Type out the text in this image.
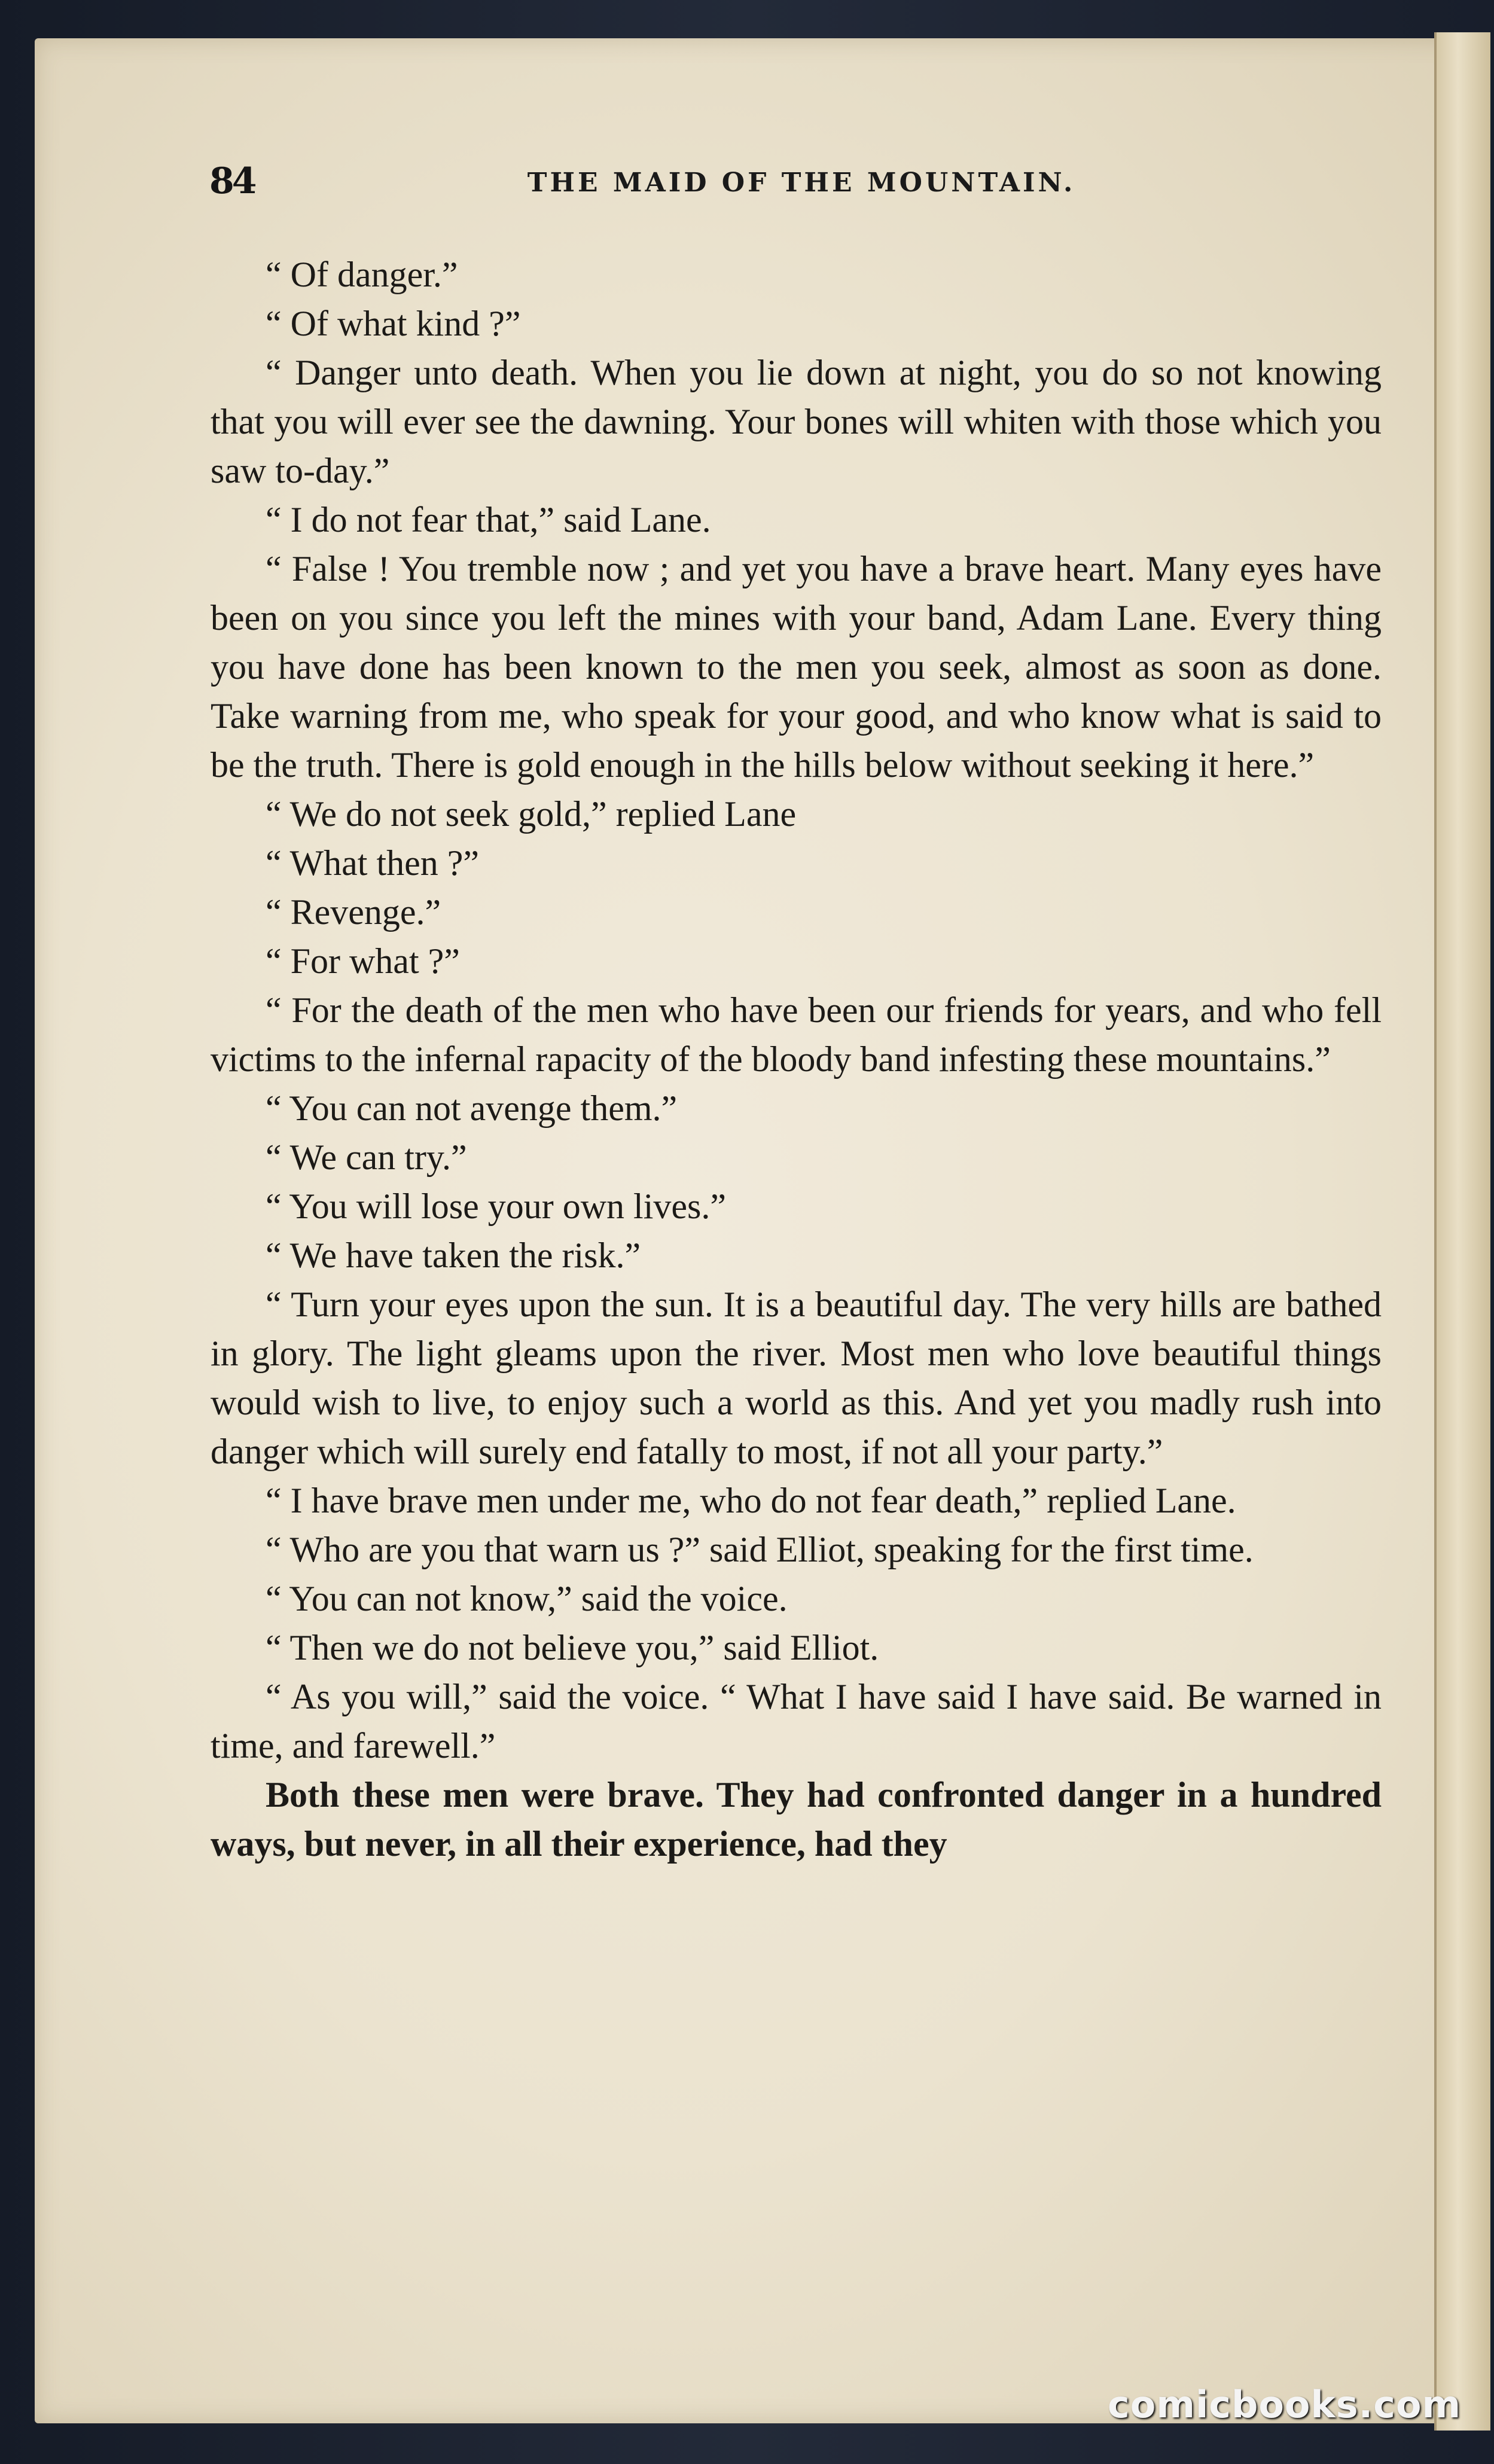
84	THE MAID OF THE MOUNTAIN.

“ Of danger.”

“ Of what kind ?”

“ Danger unto death. When you lie down at night, you do so not knowing that you will ever see the dawning. Your bones will whiten with those which you saw to-day.”

“ I do not fear that,” said Lane.

“ False ! You tremble now ; and yet you have a brave heart. Many eyes have been on you since you left the mines with your band, Adam Lane. Every thing you have done has been known to the men you seek, almost as soon as done. Take warning from me, who speak for your good, and who know what is said to be the truth. There is gold enough in the hills below without seeking it here.”

“ We do not seek gold,” replied Lane

“ What then ?”

“ Revenge.”

“ For what ?”

“ For the death of the men who have been our friends for years, and who fell victims to the infernal rapacity of the bloody band infesting these mountains.”

“ You can not avenge them.”

“ We can try.”

“ You will lose your own lives.”

“ We have taken the risk.”

“ Turn your eyes upon the sun. It is a beautiful day. The very hills are bathed in glory. The light gleams upon the river. Most men who love beautiful things would wish to live, to enjoy such a world as this. And yet you madly rush into danger which will surely end fatally to most, if not all your party.”

“ I have brave men under me, who do not fear death,” replied Lane.

“ Who are you that warn us ?” said Elliot, speaking for the first time.

“ You can not know,” said the voice.

“ Then we do not believe you,” said Elliot.

“ As you will,” said the voice. “ What I have said I have said. Be warned in time, and farewell.”

Both these men were brave. They had confronted danger in a hundred ways, but never, in all their experience, had they

comicbooks.com
